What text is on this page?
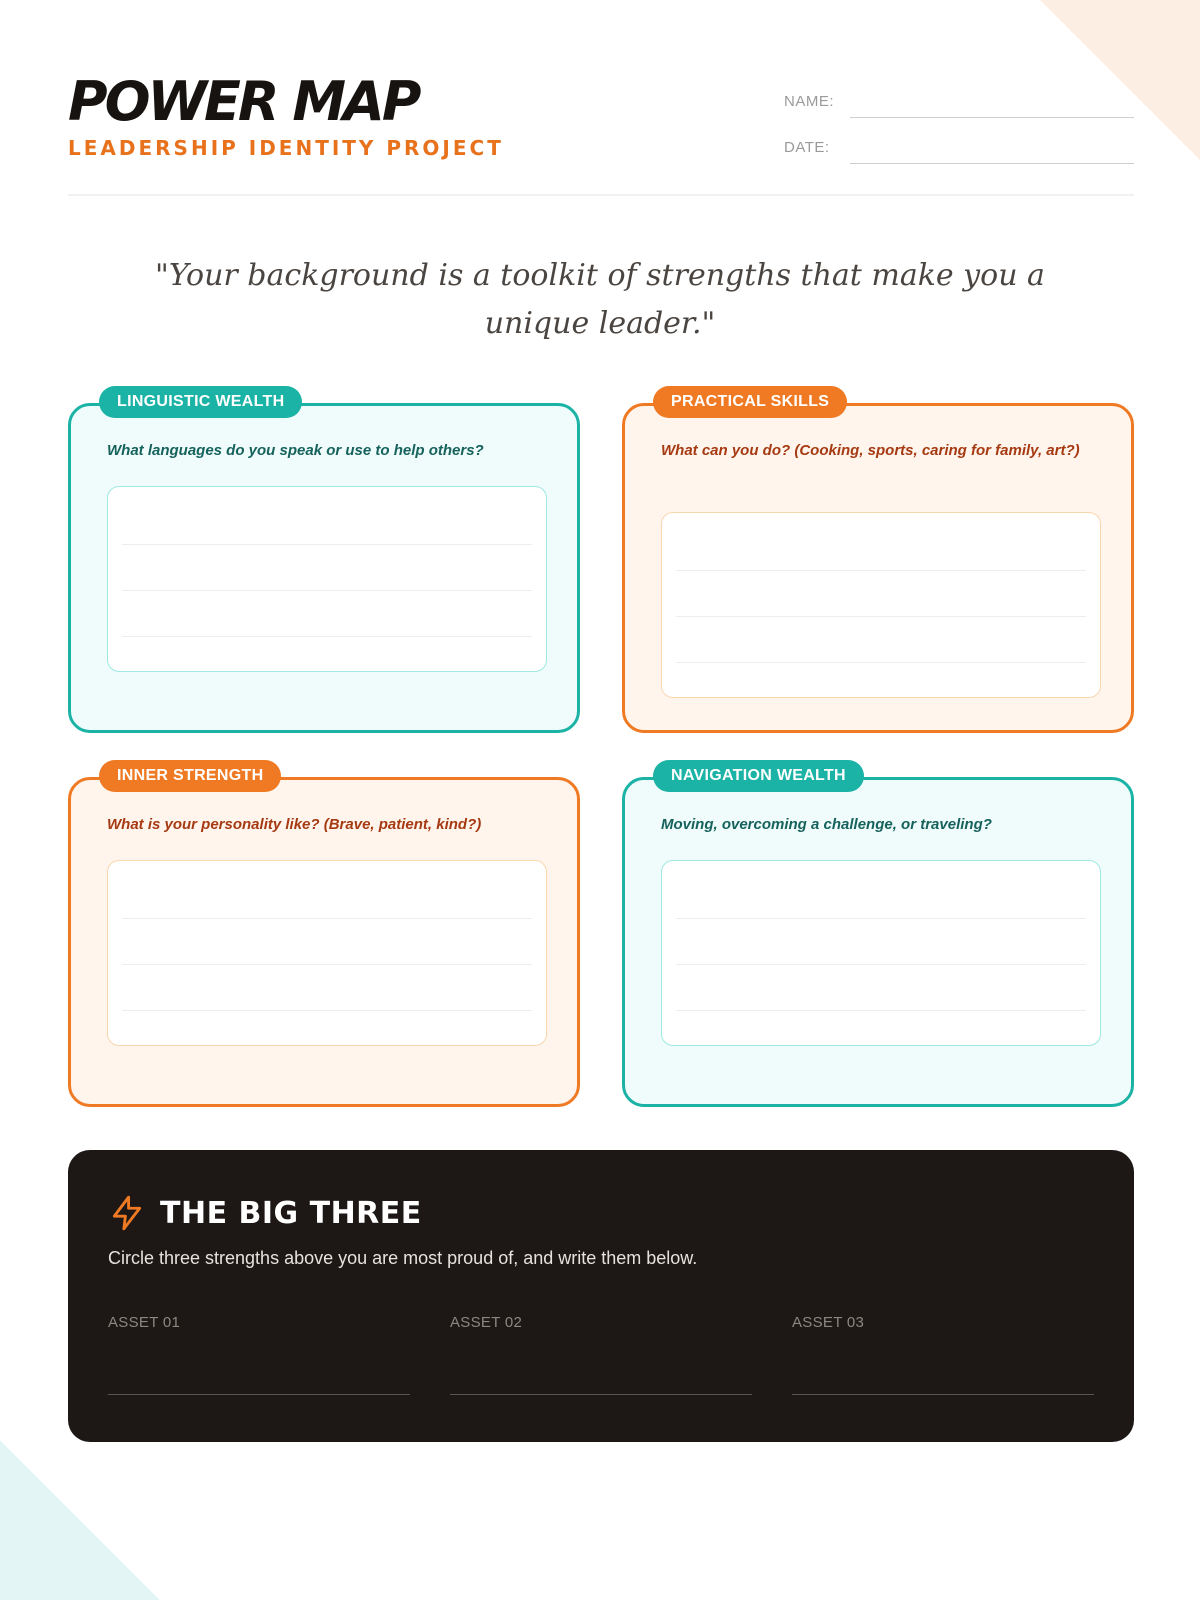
POWER MAP
LEADERSHIP IDENTITY PROJECT
NAME:
DATE:
"Your background is a toolkit of strengths that make you a unique leader."
LINGUISTIC WEALTH
What languages do you speak or use to help others?
PRACTICAL SKILLS
What can you do? (Cooking, sports, caring for family, art?)
INNER STRENGTH
What is your personality like? (Brave, patient, kind?)
NAVIGATION WEALTH
Moving, overcoming a challenge, or traveling?
THE BIG THREE
Circle three strengths above you are most proud of, and write them below.
ASSET 01	ASSET 02	ASSET 03
